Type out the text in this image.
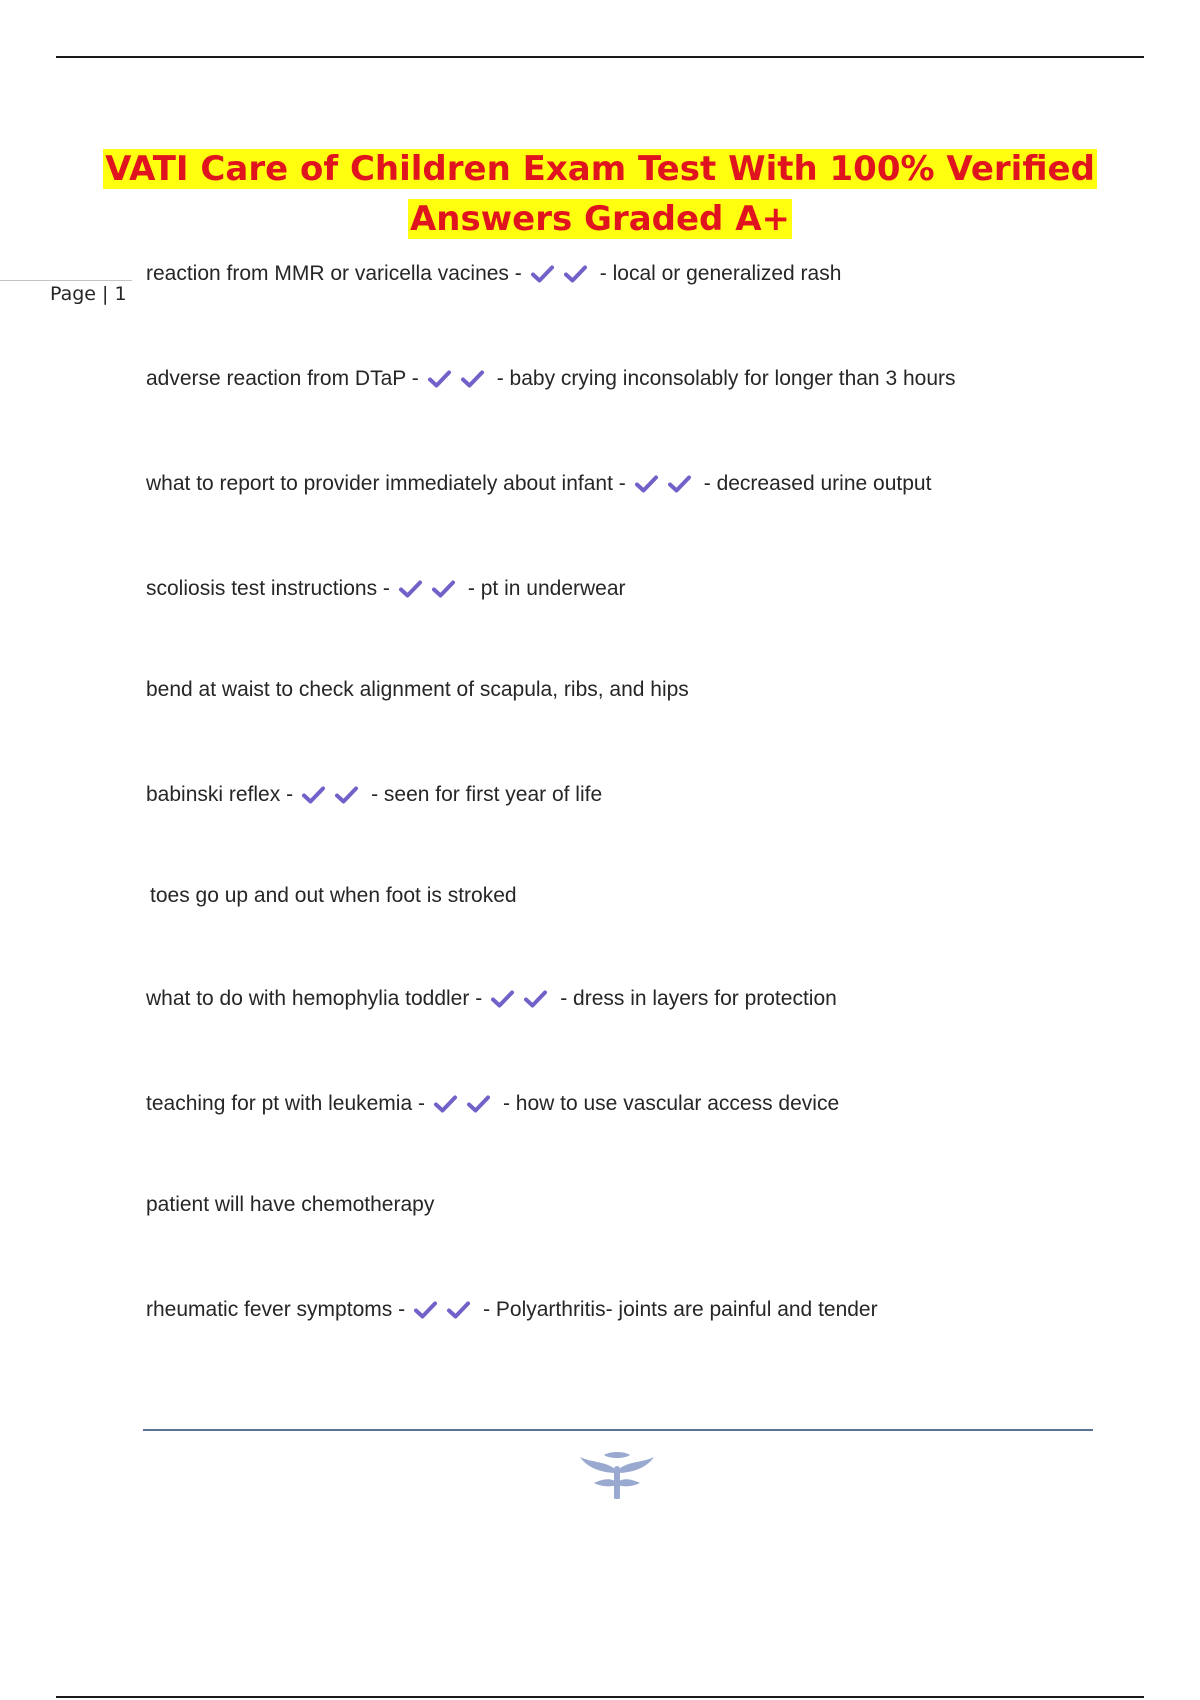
VATI Care of Children Exam Test With 100% Verified Answers Graded A+
Page | 1
reaction from MMR or varicella vacines -	- local or generalized rash
adverse reaction from DTaP -	- baby crying inconsolably for longer than 3 hours
what to report to provider immediately about infant -	- decreased urine output
scoliosis test instructions -	- pt in underwear
bend at waist to check alignment of scapula, ribs, and hips
babinski reflex -	- seen for first year of life
toes go up and out when foot is stroked
what to do with hemophylia toddler -	- dress in layers for protection
teaching for pt with leukemia -	- how to use vascular access device
patient will have chemotherapy
rheumatic fever symptoms -	- Polyarthritis- joints are painful and tender
